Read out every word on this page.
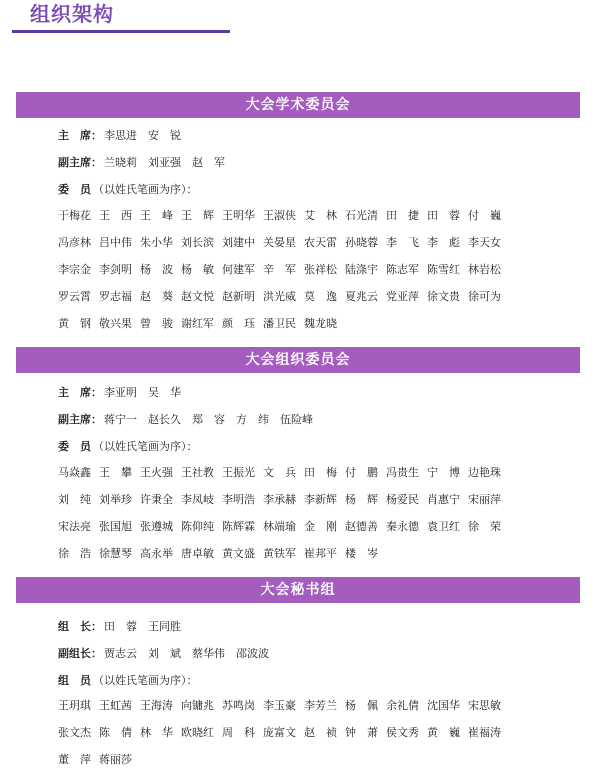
组织架构
大会学术委员会
主　席： 李思进　安　锐
副主席： 兰晓莉　刘亚强　赵　军
委　员 （以姓氏笔画为序）：
于梅花 王　西 王　峰 王　辉 王明华 王淑侠 艾　林 石光清 田　捷 田　蓉 付　巍
冯彦林 吕中伟 朱小华 刘长滨 刘建中 关晏星 农天雷 孙晓蓉 李　飞 李　彪 李天女
李宗金 李剑明 杨　波 杨　敏 何建军 辛　军 张祥松 陆涤宇 陈志军 陈雪红 林岩松
罗云霄 罗志福 赵　葵 赵文悦 赵新明 洪光威 莫　逸 夏兆云 党亚萍 徐文贵 徐可为
黄　钢 敬兴果 曾　骏 谢红军 颜　珏 潘卫民 魏龙晓
大会组织委员会
主　席： 李亚明　吴　华
副主席： 蒋宁一　赵长久　郑　容　方　纬　伍险峰
委　员 （以姓氏笔画为序）：
马焱鑫 王　攀 王火强 王社教 王振光 文　兵 田　梅 付　鹏 冯贵生 宁　博 边艳珠
刘　纯 刘举珍 许秉全 李凤岐 李明浩 李承赫 李新辉 杨　辉 杨爱民 肖惠宁 宋丽萍
宋法亮 张国旭 张遵城 陈仰纯 陈辉霖 林端瑜 金　刚 赵德善 秦永德 袁卫红 徐　荣
徐　浩 徐慧琴 高永举 唐卓敏 黄文盛 黄铁军 崔邦平 楼　岑
大会秘书组
组　长： 田　蓉　王同胜
副组长： 贾志云　刘　斌　蔡华伟　邵波波
组　员 （以姓氏笔画为序）：
王玥琪 王虹茜 王海涛 向镛兆 苏鸣岗 李玉豪 李芳兰 杨　佩 余礼倩 沈国华 宋思敏
张文杰 陈　倩 林　华 欧晓红 周　科 庞富文 赵　祯 钟　萧 侯文秀 黄　巍 崔福涛
董　萍 蒋丽莎
